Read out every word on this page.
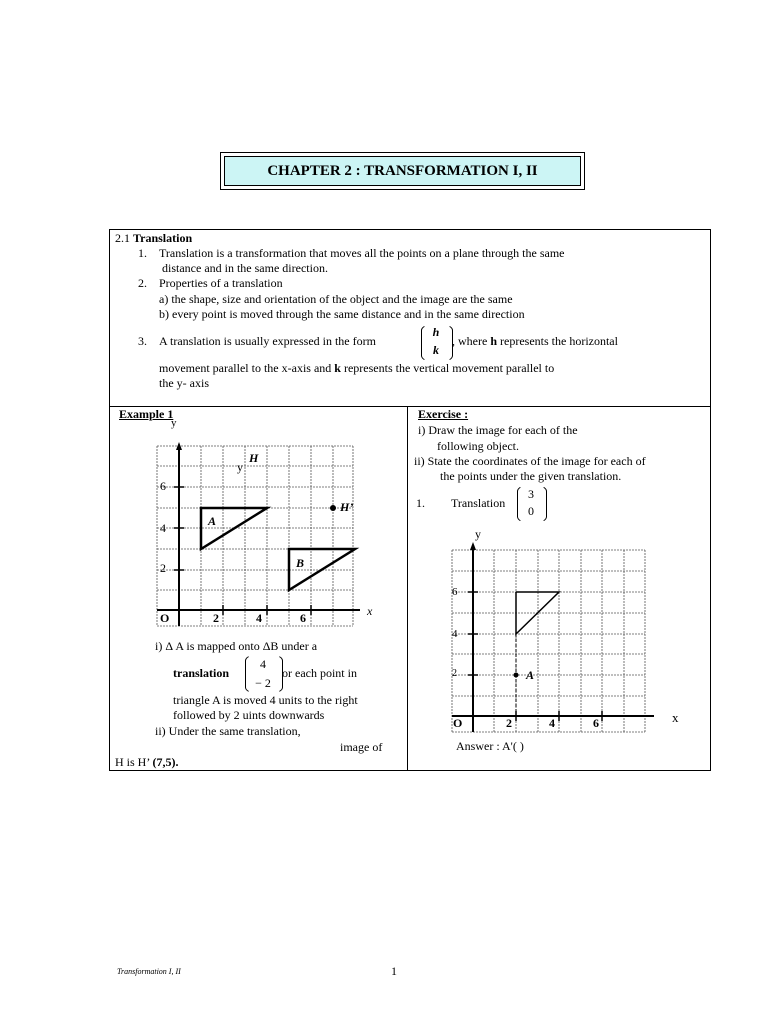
CHAPTER 2 : TRANSFORMATION I, II
2.1 Translation
1. Translation is a transformation that moves all the points on a plane through the same
distance and in the same direction.
2. Properties of a translation
a) the shape, size and orientation of the object and the image are the same
b) every point is moved through the same distance and in the same direction
3. A translation is usually expressed in the form
h
k
, where h represents the horizontal
movement parallel to the x-axis and k represents the vertical movement parallel to
the y- axis
Example 1
y
y
H
H’
A
B
6
4
2
O	2	4	6	x
i) Δ A is mapped onto ΔB under a
translation
4
− 2
or each point in
triangle A is moved 4 units to the right
followed by 2 uints downwards
ii) Under the same translation,
image of
H is H’ (7,5).
Exercise :
i) Draw the image for each of the
following object.
ii) State the coordinates of the image for each of
the points under the given translation.
1. Translation
3
0
y
6
4
2	A
O	2	4	6	x
Answer : A'( )
Transformation I, II	1
